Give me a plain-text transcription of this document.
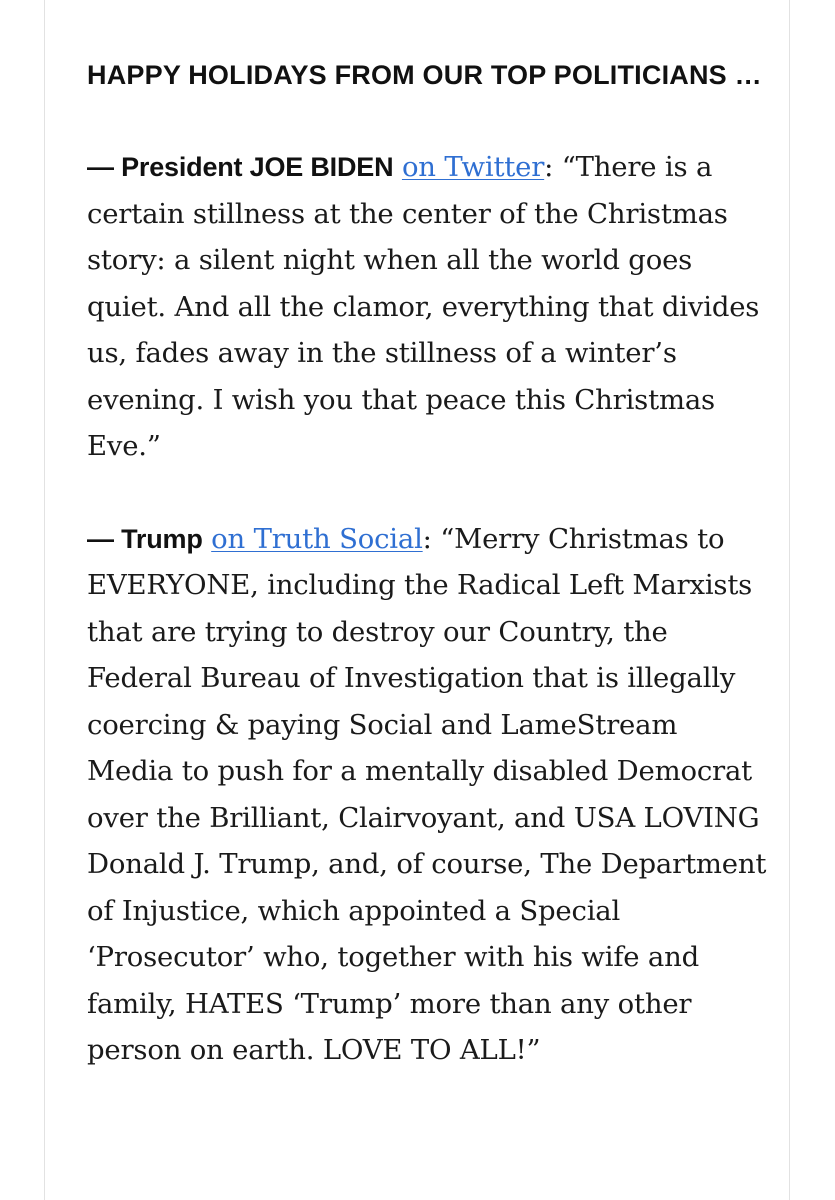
HAPPY HOLIDAYS FROM OUR TOP POLITICIANS …

— President JOE BIDEN on Twitter: “There is a certain stillness at the center of the Christmas story: a silent night when all the world goes quiet. And all the clamor, everything that divides us, fades away in the stillness of a winter’s evening. I wish you that peace this Christmas Eve.”

— Trump on Truth Social: “Merry Christmas to EVERYONE, including the Radical Left Marxists that are trying to destroy our Country, the Federal Bureau of Investigation that is illegally coercing & paying Social and LameStream Media to push for a mentally disabled Democrat over the Brilliant, Clairvoyant, and USA LOVING Donald J. Trump, and, of course, The Department of Injustice, which appointed a Special ‘Prosecutor’ who, together with his wife and family, HATES ‘Trump’ more than any other person on earth. LOVE TO ALL!”
